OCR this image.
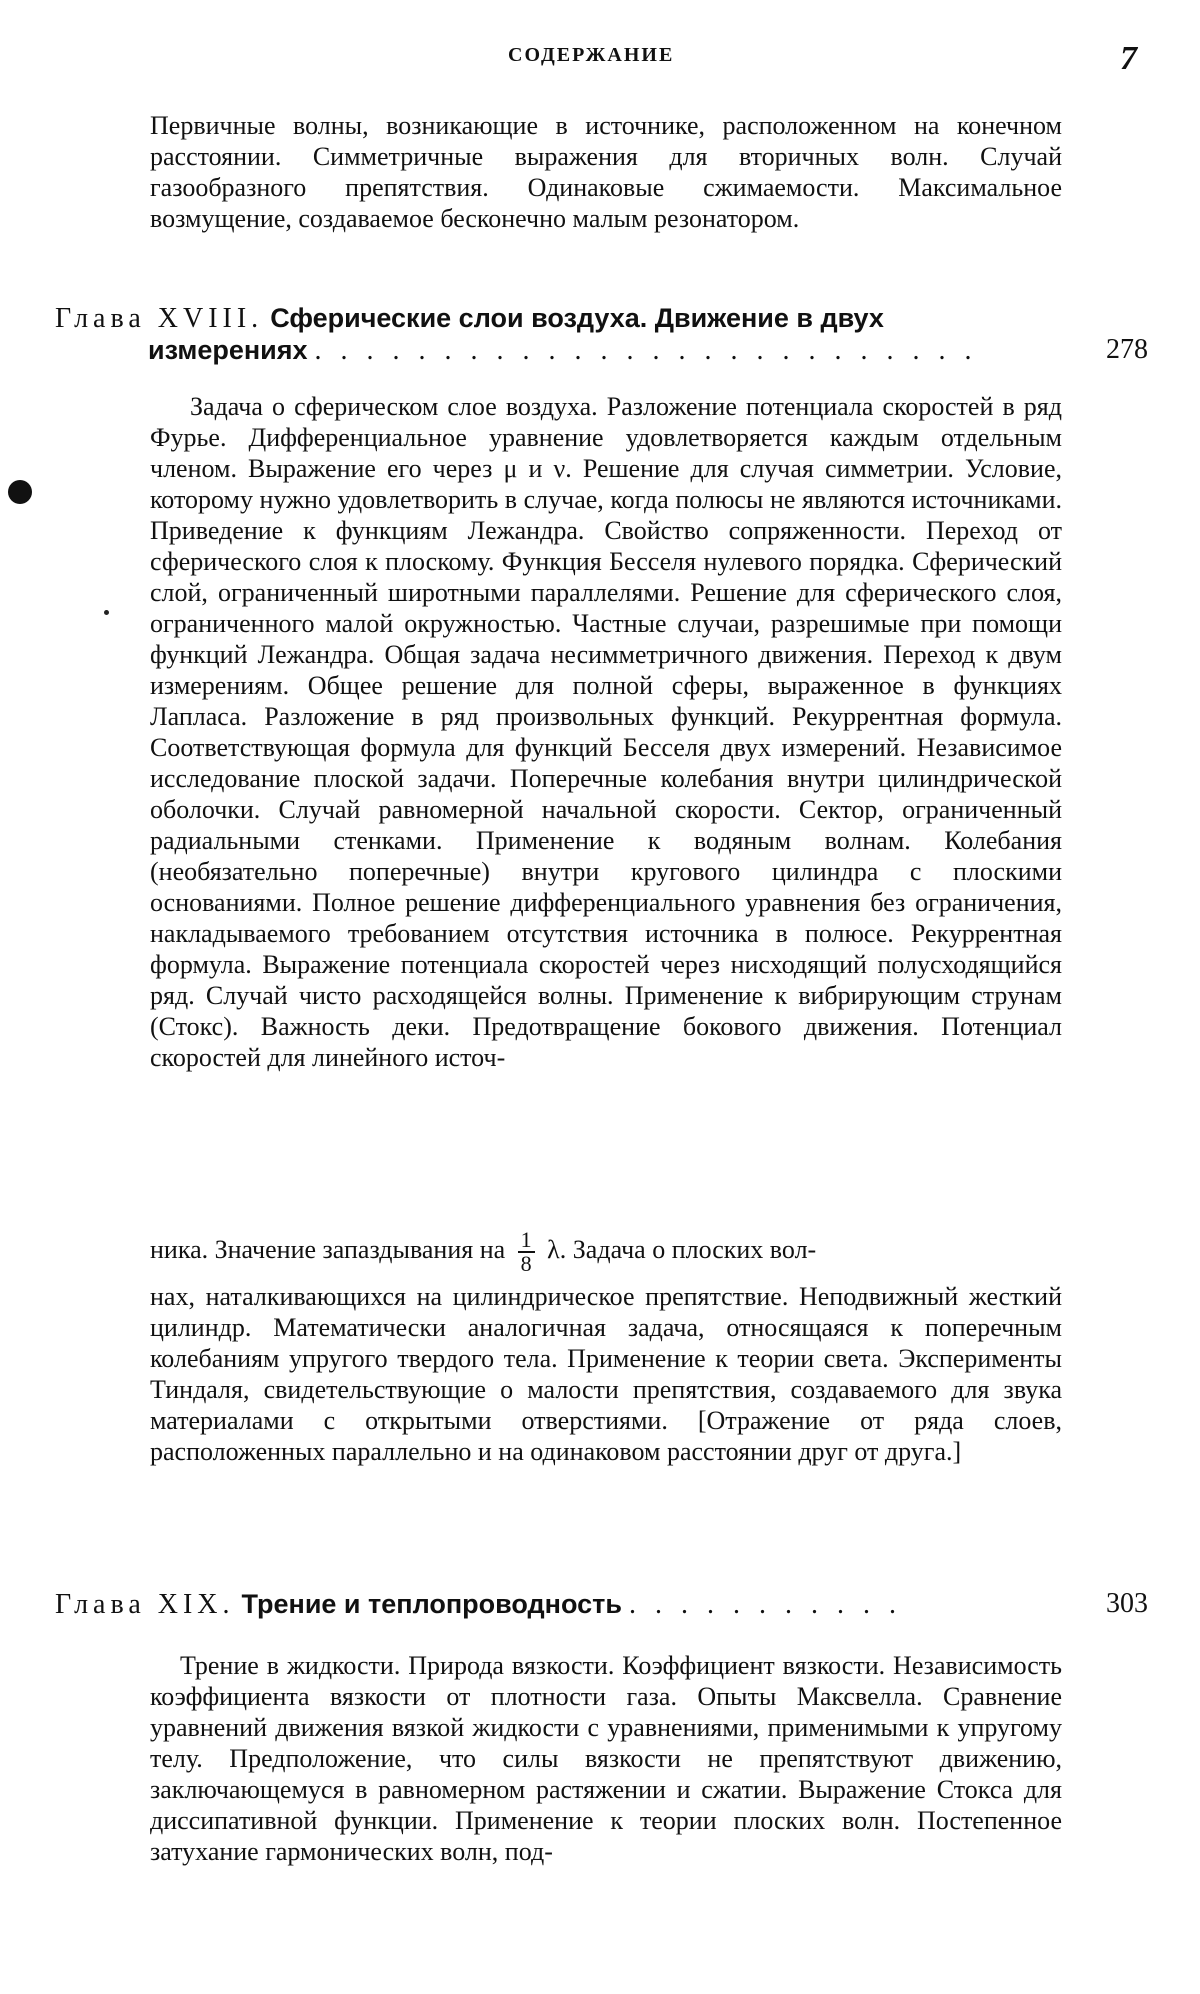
СОДЕРЖАНИЕ	7
Первичные волны, возникающие в источнике, расположенном на конечном расстоянии. Симметричные выражения для вторичных волн. Случай газообразного препятствия. Одинаковые сжимаемости. Максимальное возмущение, создаваемое бесконечно малым резонатором.
Глава XVIII. Сферические слои воздуха. Движение в двух
измерениях . . . . . . . . . . . . . . . . . . . . . . . . . .	278
Задача о сферическом слое воздуха. Разложение потенциала скоростей в ряд Фурье. Дифференциальное уравнение удовлетворяется каждым отдельным членом. Выражение его через μ и ν. Решение для случая симметрии. Условие, которому нужно удовлетворить в случае, когда полюсы не являются источниками. Приведение к функциям Лежандра. Свойство сопряженности. Переход от сферического слоя к плоскому. Функция Бесселя нулевого порядка. Сферический слой, ограниченный широтными параллелями. Решение для сферического слоя, ограниченного малой окружностью. Частные случаи, разрешимые при помощи функций Лежандра. Общая задача несимметричного движения. Переход к двум измерениям. Общее решение для полной сферы, выраженное в функциях Лапласа. Разложение в ряд произвольных функций. Рекуррентная формула. Соответствующая формула для функций Бесселя двух измерений. Независимое исследование плоской задачи. Поперечные колебания внутри цилиндрической оболочки. Случай равномерной начальной скорости. Сектор, ограниченный радиальными стенками. Применение к водяным волнам. Колебания (необязательно поперечные) внутри кругового цилиндра с плоскими основаниями. Полное решение дифференциального уравнения без ограничения, накладываемого требованием отсутствия источника в полюсе. Рекуррентная формула. Выражение потенциала скоростей через нисходящий полусходящийся ряд. Случай чисто расходящейся волны. Применение к вибрирующим струнам (Стокс). Важность деки. Предотвращение бокового движения. Потенциал скоростей для линейного источ-
ника. Значение запаздывания на $\frac{1}{8} \lambda$. Задача о плоских вол-
нах, наталкивающихся на цилиндрическое препятствие. Неподвижный жесткий цилиндр. Математически аналогичная задача, относящаяся к поперечным колебаниям упругого твердого тела. Применение к теории света. Эксперименты Тиндаля, свидетельствующие о малости препятствия, создаваемого для звука материалами с открытыми отверстиями. [Отражение от ряда слоев, расположенных параллельно и на одинаковом расстоянии друг от друга.]
Глава XIX. Трение и теплопроводность . . . . . . . . . . .	303
Трение в жидкости. Природа вязкости. Коэффициент вязкости. Независимость коэффициента вязкости от плотности газа. Опыты Максвелла. Сравнение уравнений движения вязкой жидкости с уравнениями, применимыми к упругому телу. Предположение, что силы вязкости не препятствуют движению, заключающемуся в равномерном растяжении и сжатии. Выражение Стокса для диссипативной функции. Применение к теории плоских волн. Постепенное затухание гармонических волн, под-
